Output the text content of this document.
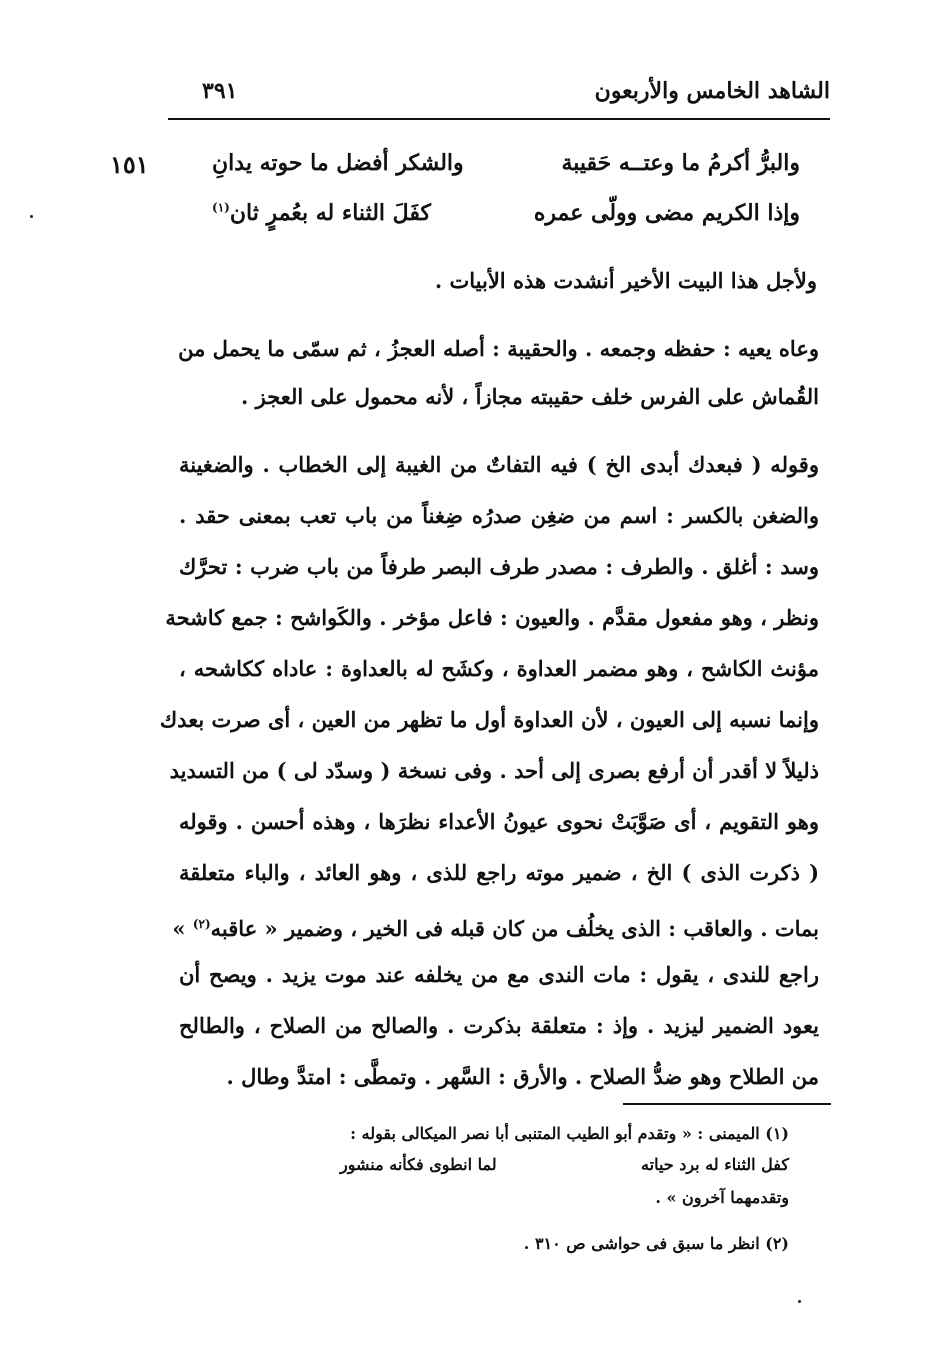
الشاهد الخامس والأربعون
٣٩١
١٥١	والبرُّ أكرمُ ما وعتــه حَقيبة
والشكر أفضل ما حوته يدانِ
وإذا الكريم مضى وولّى عمره
كفَلَ الثناء له بعُمرٍ ثان$^{(١)}$
ولأجل هذا البيت الأخير أنشدت هذه الأبيات .
وعاه يعيه : حفظه وجمعه . والحقيبة : أصله العجزُ ، ثم سمّى ما يحمل من
القُماش على الفرس خلف حقيبته مجازاً ، لأنه محمول على العجز .
وقوله ( فبعدك أبدى الخ ) فيه التفاتٌ من الغيبة إلى الخطاب . والضغينة
والضغن بالكسر : اسم من ضغِن صدرُه ضِغناً من باب تعب بمعنى حقد .
وسد : أغلق . والطرف : مصدر طرف البصر طرفاً من باب ضرب : تحرَّك
ونظر ، وهو مفعول مقدَّم . والعيون : فاعل مؤخر . والكَواشح : جمع كاشحة
مؤنث الكاشح ، وهو مضمر العداوة ، وكشَح له بالعداوة : عاداه ككاشحه ،
وإنما نسبه إلى العيون ، لأن العداوة أول ما تظهر من العين ، أى صرت بعدك
ذليلاً لا أقدر أن أرفع بصرى إلى أحد . وفى نسخة ( وسدّد لى ) من التسديد
وهو التقويم ، أى صَوَّبَتْ نحوى عيونُ الأعداء نظرَها ، وهذه أحسن . وقوله
( ذكرت الذى ) الخ ، ضمير موته راجع للذى ، وهو العائد ، والباء متعلقة
بمات . والعاقب : الذى يخلُف من كان قبله فى الخير ، وضمير « عاقبه$^{(٢)}$ »
راجع للندى ، يقول : مات الندى مع من يخلفه عند موت يزيد . ويصح أن
يعود الضمير ليزيد . وإذ : متعلقة بذكرت . والصالح من الصلاح ، والطالح
من الطلاح وهو ضدُّ الصلاح . والأرق : السَّهر . وتمطَّى : امتدَّ وطال .
(١) الميمنى : « وتقدم أبو الطيب المتنبى أبا نصر الميكالى بقوله :
كفل الثناء له برد حياته
لما انطوى فكأنه منشور
وتقدمهما آخرون » .
(٢) انظر ما سبق فى حواشى ص ٣١٠ .
